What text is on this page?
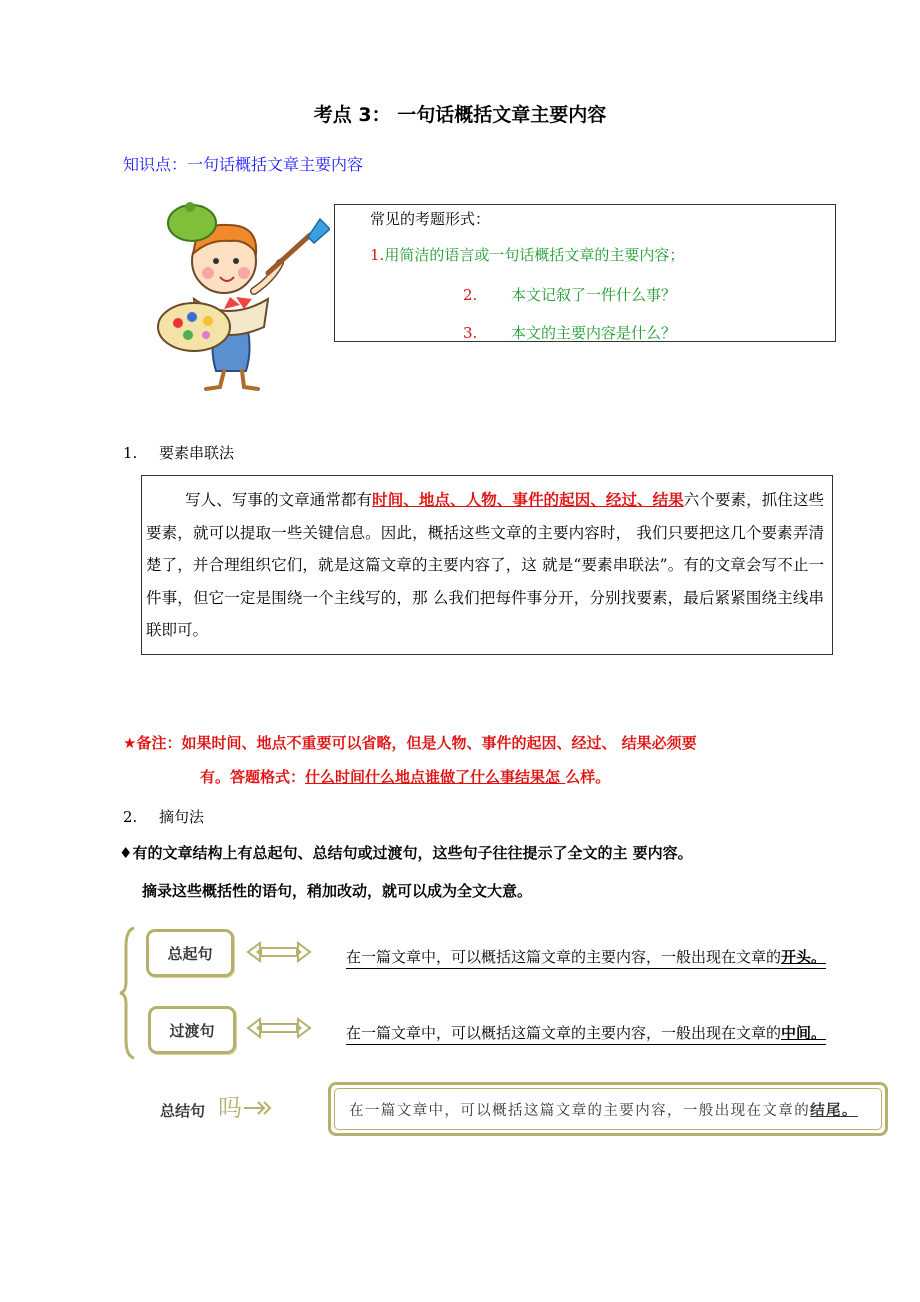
考点 3： 一句话概括文章主要内容
知识点：一句话概括文章主要内容
常见的考题形式：
1.用简洁的语言或一句话概括文章的主要内容；
2. 本文记叙了一件什么事？
3. 本文的主要内容是什么？
1. 要素串联法
写人、写事的文章通常都有时间、地点、人物、事件的起因、经过、结果六个要素，抓住这些要素，就可以提取一些关键信息。因此，概括这些文章的主要内容时， 我们只要把这几个要素弄清楚了，并合理组织它们，就是这篇文章的主要内容了，这 就是“要素串联法”。有的文章会写不止一件事，但它一定是围绕一个主线写的，那 么我们把每件事分开，分别找要素，最后紧紧围绕主线串联即可。
★备注：如果时间、地点不重要可以省略，但是人物、事件的起因、经过、 结果必须要
有。答题格式：什么时间什么地点谁做了什么事结果怎 么样。
2. 摘句法
♦有的文章结构上有总起句、总结句或过渡句，这些句子往往提示了全文的主 要内容。
摘录这些概括性的语句，稍加改动，就可以成为全文大意。
总起句	在一篇文章中，可以概括这篇文章的主要内容，一般出现在文章的开头。
过渡句	在一篇文章中，可以概括这篇文章的主要内容，一般出现在文章的中间。
总结句 吗	在一篇文章中，可以概括这篇文章的主要内容，一般出现在文章的 结尾。
